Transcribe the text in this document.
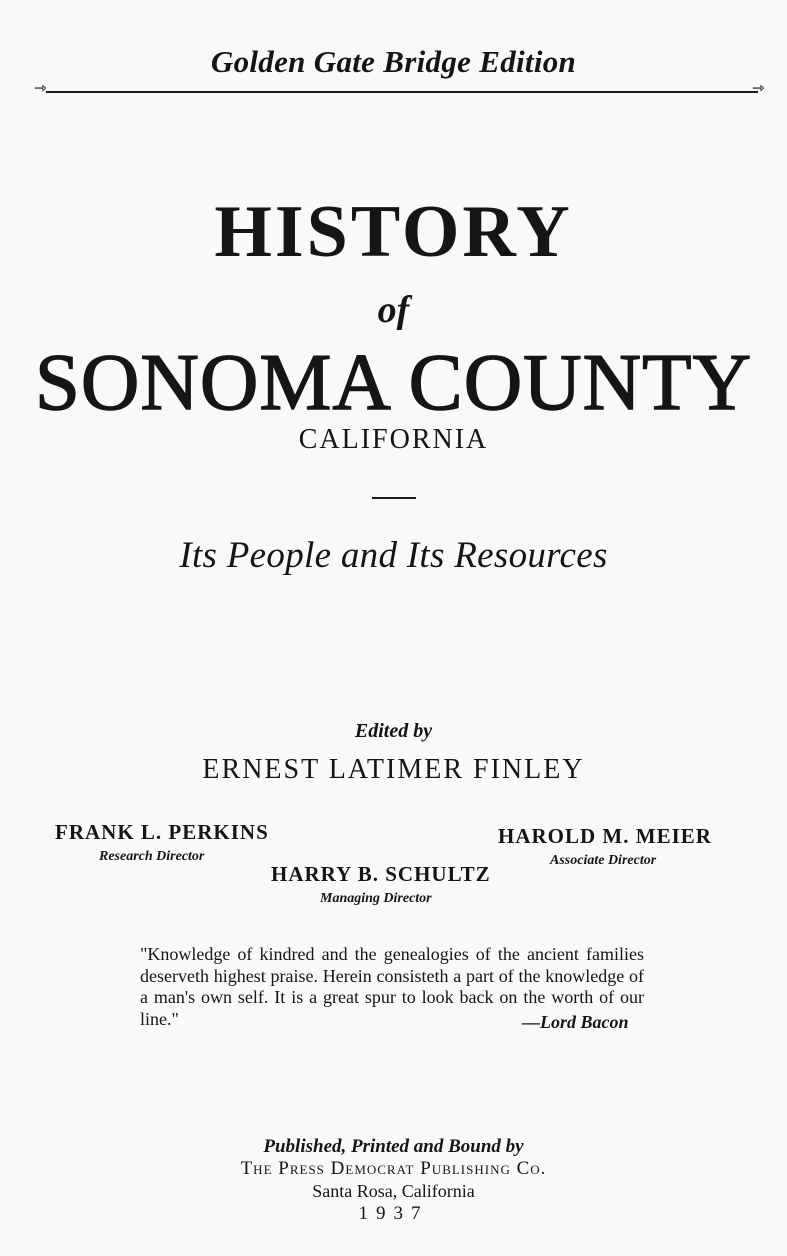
Golden Gate Bridge Edition
⇾	⇾
HISTORY
of
SONOMA COUNTY
CALIFORNIA
Its People and Its Resources
Edited by
ERNEST LATIMER FINLEY
FRANK L. PERKINS
Research Director
HAROLD M. MEIER
Associate Director
HARRY B. SCHULTZ
Managing Director
"Knowledge of kindred and the genealogies of the ancient families deserveth highest praise. Herein consisteth a part of the knowledge of a man's own self. It is a great spur to look back on the worth of our line."	—Lord Bacon
Published, Printed and Bound by
The Press Democrat Publishing Co.
Santa Rosa, California
1937
